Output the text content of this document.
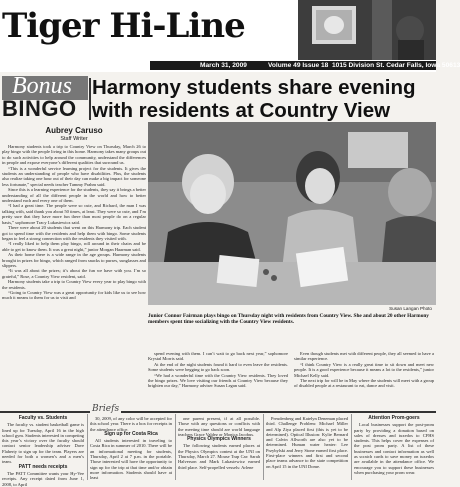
Tiger Hi-Line
March 31, 2009	Volume 49 Issue 18 1015 Division St. Cedar Falls, Iowa 50613
Bonus
BINGO
Harmony students share evening with residents at Country View
Aubrey Caruso
Staff Writer

Harmony students took a trip to Country View on Thursday, March 26 to play bingo with the people living in this home. Harmony takes many groups out to do such activities to help around the community, understand the differences in people and expose everyone’s different qualities that surround us.

“This is a wonderful service learning project for the students. It gives the students an understanding of people who have disabilities. Plus, the students also realize taking one hour out of their day can make a big impact for someone less fortunate,” special needs teacher Tammy Prahm said.

Since this is a learning experience for the students, they say it brings a better understanding of all the different people in the world and how to better understand each and every one of them.

“I had a great time. The people were so cute, and Richard, the man I was talking with, said thank you about 50 times, at least. They were so cute, and I’m pretty sure that they have more fun there than most people do on a regular basis,” sophomore Tracy Lukasiewicz said.

There were about 20 students that went on this Harmony trip. Each student got to spend time with the residents and help them with bingo. Some students began to feel a strong connection with the residents they visited with.

“I really liked to help them play bingo, roll around in their chairs and be able to get to know them. It was a great night,” junior Morgan Haarman said.

As their home there is a wide range in the age groups. Harmony students brought in prizes for bingo, which ranged from snacks to purses, sunglasses and slippers.

“It was all about the prizes; it’s about the fun we have with you. I’m so grateful,” Rose, a Country View resident, said.

Harmony students take a trip to Country View every year to play bingo with the residents.

“Going to Country View was a great opportunity for kids like us to see how much it means to them for us to visit and

Susan Langan Photo
Junior Connor Fairman plays bingo on Thursday night with residents from Country View. She and about 20 other Harmony members spent time socializing with the Country View residents.

spend evening with them. I can’t wait to go back next year,” sophomore Krystal Morris said.

At the end of the night students found it hard to even leave the residents. Some students were begging to go back soon.

“We had a wonderful time with the Country View residents. They loved the bingo prizes. We love visiting our friends at Country View because they brighten our day,” Harmony adviser Susan Legan said.

Even though students met with different people, they all seemed to have a similar experience.

“I think Country View is a really great time to sit down and meet new people. It is a good experience because it means a lot to the residents,” junior Michael Kelly said.

The next trip for will be in May where the students will meet with a group of disabled people at a restaurant to eat, dance and visit.

Briefs
Faculty vs. Students

The faculty vs. student basketball game is lined up for Tuesday, April 16 in the high school gym. Students interested in competing this year’s victory over the faculty should contact senior leadership adviser Dave Flaherty to sign up for the team. Players are needed for both a women’s and a men’s team.

PATT needs receipts

The PATT Committee wants your Hy-Vee receipts. Any receipt dated from June 1, 2008, to April

30, 2009, of any color will be accepted for this school year. There is a box for receipts in the attendance office.

Sign up for Costa Rica

All students interested in traveling to Costa Rica in summer of 2010. There will be an informational meeting for students, Thursday, April 2 at 7 p.m. in the portable. Those interested will have the opportunity to sign up for the trip at that time and/or obtain more information. Students should have at least

one parent present, if at all possible. Those with any questions or conflicts with the meeting time should are world language teachers Grace Valdez or Monica Jacobus.

Physics Olympics Winners

The following students earned places at the Physics Olympics contest at the UNI on Thursday, March 27. Mouse Trap Car: Sarah Halverson and Mark Lukasiewicz earned third place. Self-propelled vessels: Arlene

Preudenberg and Katelyn Deneman placed third. Challenge Problem: Michael Miller and Alp Ziya placed first (this is yet to be determined). Optical Illusion: Kylie Bernard and Calvin Allworth are also yet to be determined. Human water heater: Lee Przybylski and Jerry Stone earned first place. First-place winners and first and second place teams advance to the state competition on April 15 in the UNI Dome.

Attention Prom-goers

Local businesses support the post-prom party by providing a donation based on sales of dresses and tuxedos to CFHS students. This helps cover the expenses of the post prom party. A list of these businesses and contact information as well as scratch cards to save money on tuxedos are available in the attendance office. We encourage you to support these businesses when purchasing your prom wear.
